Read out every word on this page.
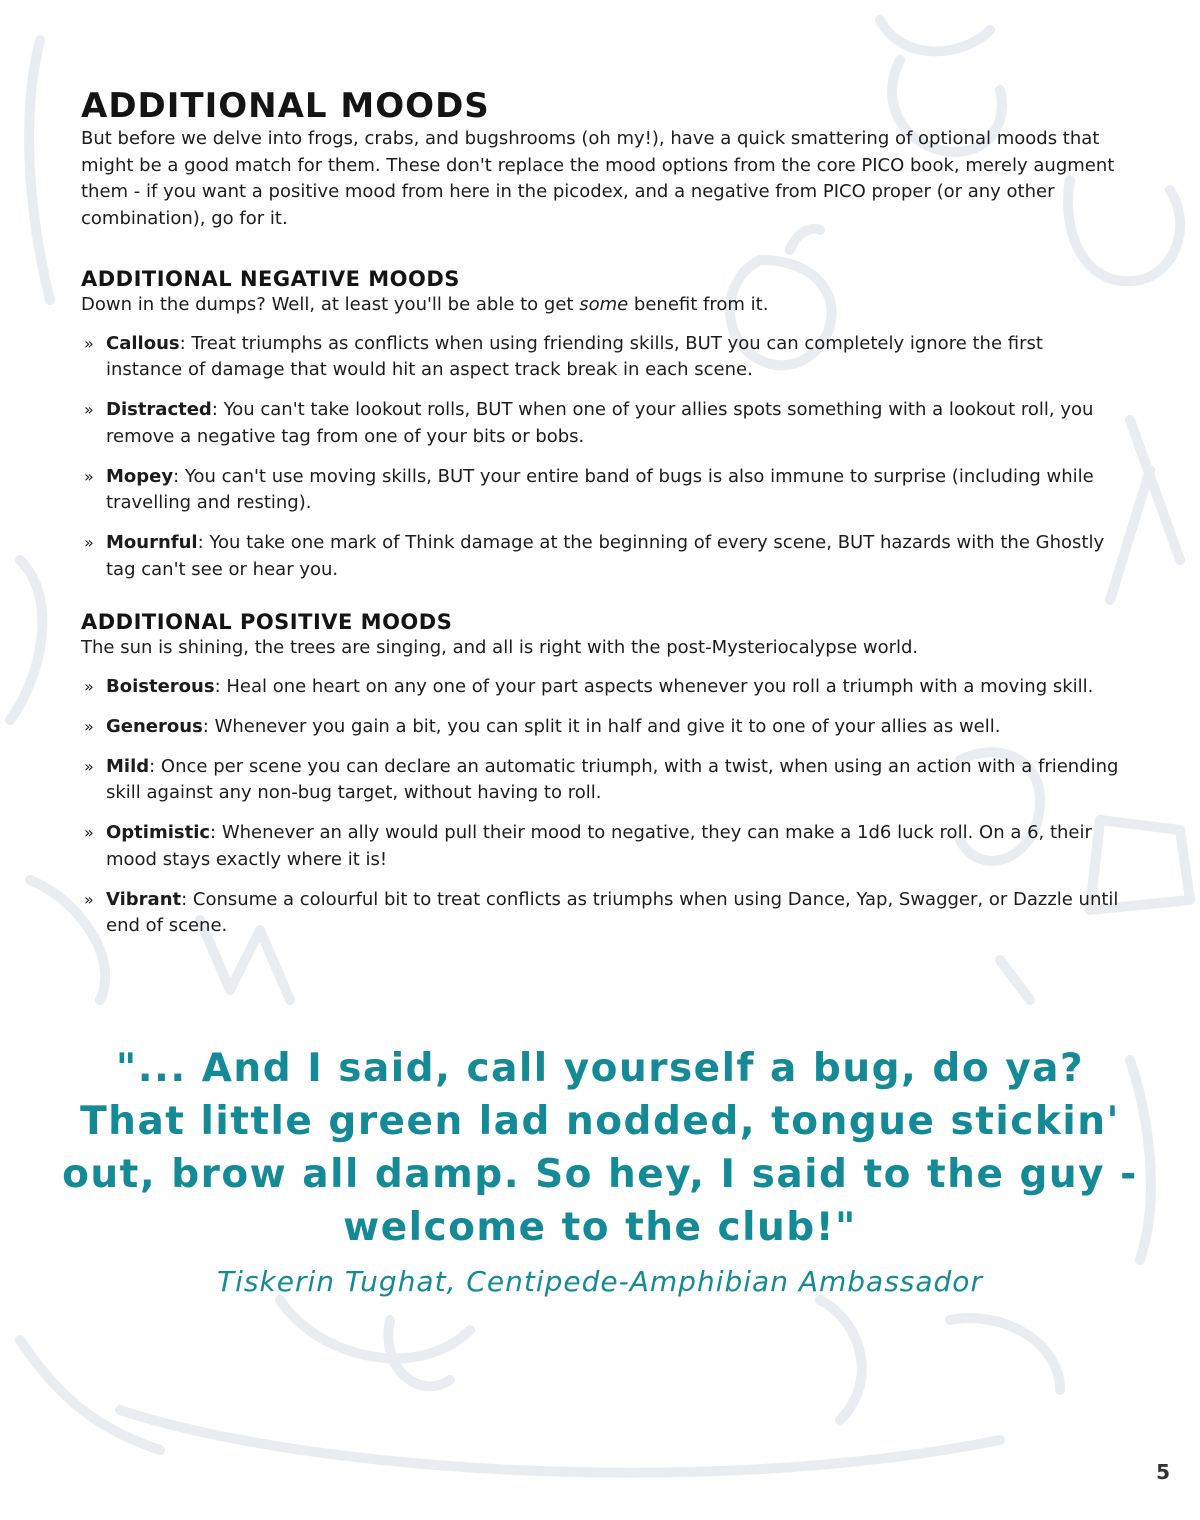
ADDITIONAL MOODS

But before we delve into frogs, crabs, and bugshrooms (oh my!), have a quick smattering of optional moods that might be a good match for them. These don't replace the mood options from the core PICO book, merely augment them - if you want a positive mood from here in the picodex, and a negative from PICO proper (or any other combination), go for it.

ADDITIONAL NEGATIVE MOODS

Down in the dumps? Well, at least you'll be able to get some benefit from it.

» Callous: Treat triumphs as conflicts when using friending skills, BUT you can completely ignore the first instance of damage that would hit an aspect track break in each scene.
» Distracted: You can't take lookout rolls, BUT when one of your allies spots something with a lookout roll, you remove a negative tag from one of your bits or bobs.
» Mopey: You can't use moving skills, BUT your entire band of bugs is also immune to surprise (including while travelling and resting).
» Mournful: You take one mark of Think damage at the beginning of every scene, BUT hazards with the Ghostly tag can't see or hear you.
ADDITIONAL POSITIVE MOODS

The sun is shining, the trees are singing, and all is right with the post-Mysteriocalypse world.

» Boisterous: Heal one heart on any one of your part aspects whenever you roll a triumph with a moving skill.
» Generous: Whenever you gain a bit, you can split it in half and give it to one of your allies as well.
» Mild: Once per scene you can declare an automatic triumph, with a twist, when using an action with a friending skill against any non-bug target, without having to roll.
» Optimistic: Whenever an ally would pull their mood to negative, they can make a 1d6 luck roll. On a 6, their mood stays exactly where it is!
» Vibrant: Consume a colourful bit to treat conflicts as triumphs when using Dance, Yap, Swagger, or Dazzle until end of scene.
"... And I said, call yourself a bug, do ya? That little green lad nodded, tongue stickin' out, brow all damp. So hey, I said to the guy - welcome to the club!"
Tiskerin Tughat, Centipede-Amphibian Ambassador
5
